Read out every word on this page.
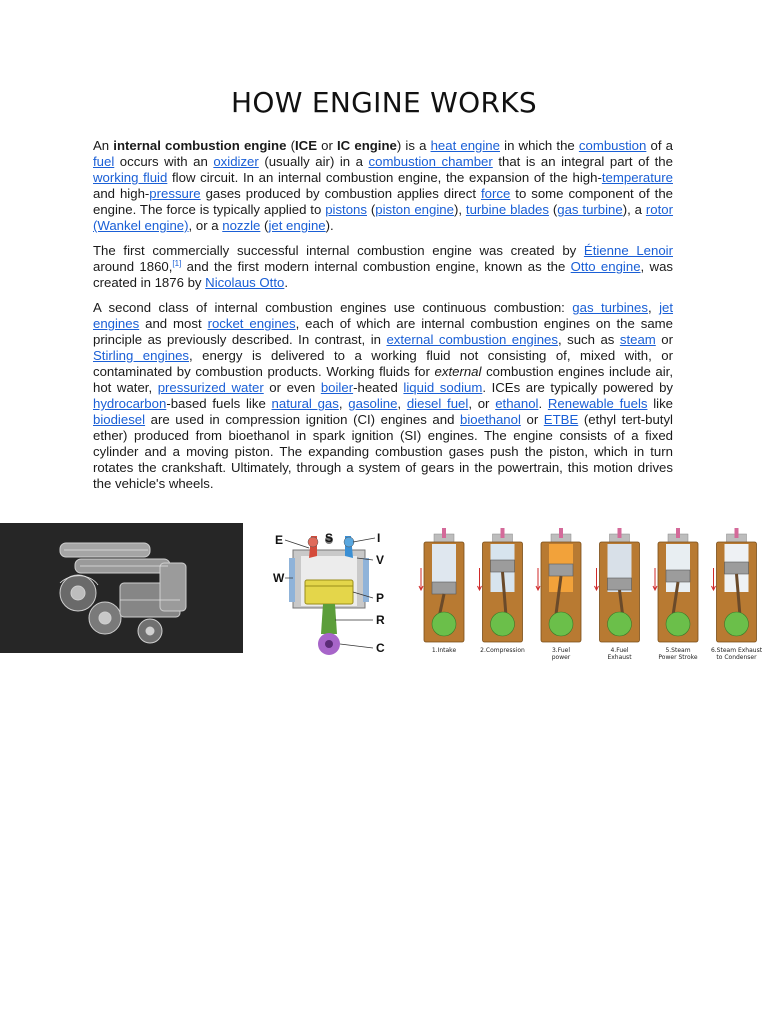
HOW ENGINE WORKS

An internal combustion engine (ICE or IC engine) is a heat engine in which the combustion of a fuel occurs with an oxidizer (usually air) in a combustion chamber that is an integral part of the working fluid flow circuit. In an internal combustion engine, the expansion of the high-temperature and high-pressure gases produced by combustion applies direct force to some component of the engine. The force is typically applied to pistons (piston engine), turbine blades (gas turbine), a rotor (Wankel engine), or a nozzle (jet engine).

The first commercially successful internal combustion engine was created by Étienne Lenoir around 1860,[1] and the first modern internal combustion engine, known as the Otto engine, was created in 1876 by Nicolaus Otto.

A second class of internal combustion engines use continuous combustion: gas turbines, jet engines and most rocket engines, each of which are internal combustion engines on the same principle as previously described. In contrast, in external combustion engines, such as steam or Stirling engines, energy is delivered to a working fluid not consisting of, mixed with, or contaminated by combustion products. Working fluids for external combustion engines include air, hot water, pressurized water or even boiler-heated liquid sodium. ICEs are typically powered by hydrocarbon-based fuels like natural gas, gasoline, diesel fuel, or ethanol. Renewable fuels like biodiesel are used in compression ignition (CI) engines and bioethanol or ETBE (ethyl tert-butyl ether) produced from bioethanol in spark ignition (SI) engines. The engine consists of a fixed cylinder and a moving piston. The expanding combustion gases push the piston, which in turn rotates the crankshaft. Ultimately, through a system of gears in the powertrain, this motion drives the vehicle's wheels.

E	S	I
V
W
P
R
C	1.Intake	2.Compression	3.Fuel
power
4.Fuel
Exhaust
5.Steam
Power Stroke
6.Steam Exhaust
to Condenser
